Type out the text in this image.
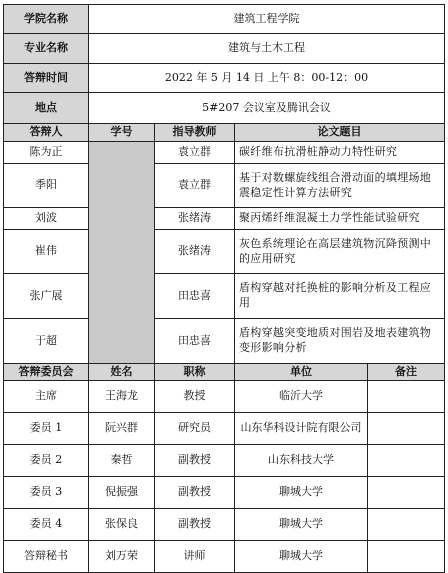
学院名称	建筑工程学院			
专业名称	建筑与土木工程			
答辩时间	2022 年 5 月 14 日 上午 8：00-12：00			
地点	5#207 会议室及腾讯会议			
答辩人	学号	指导教师	论文题目	
陈为正		袁立群	碳纤维布抗滑桩静动力特性研究	
季阳		袁立群	基于对数螺旋线组合滑动面的填埋场地震稳定性计算方法研究	
刘波		张绪涛	聚丙烯纤维混凝土力学性能试验研究	
崔伟		张绪涛	灰色系统理论在高层建筑物沉降预测中的应用研究	
张广展		田忠喜	盾构穿越对托换桩的影响分析及工程应用	
于超		田忠喜	盾构穿越突变地质对围岩及地表建筑物变形影响分析	
答辩委员会	姓名	职称	单位	备注
主席	王海龙	教授	临沂大学	
委员 1	阮兴群	研究员	山东华科设计院有限公司	
委员 2	秦哲	副教授	山东科技大学	
委员 3	倪振强	副教授	聊城大学	
委员 4	张保良	副教授	聊城大学	
答辩秘书	刘万荣	讲师	聊城大学	
